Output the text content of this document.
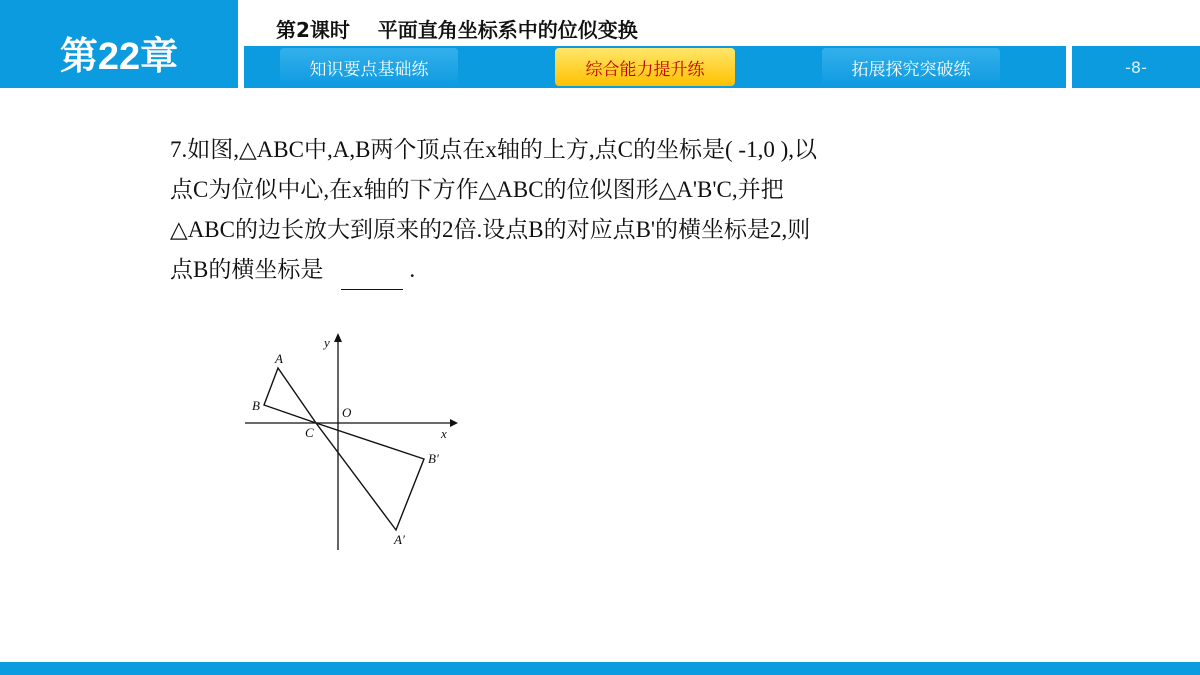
第22章
第2课时    平面直角坐标系中的位似变换
知识要点基础练	综合能力提升练	拓展探究突破练	-8-

7.如图,△ABC中,A,B两个顶点在x轴的上方,点C的坐标是( -1,0 ),以

点C为位似中心,在x轴的下方作△ABC的位似图形△A'B'C,并把

△ABC的边长放大到原来的2倍.设点B的对应点B'的横坐标是2,则

点B的横坐标是	.

y
x
O
A
B
C
B′
A′
